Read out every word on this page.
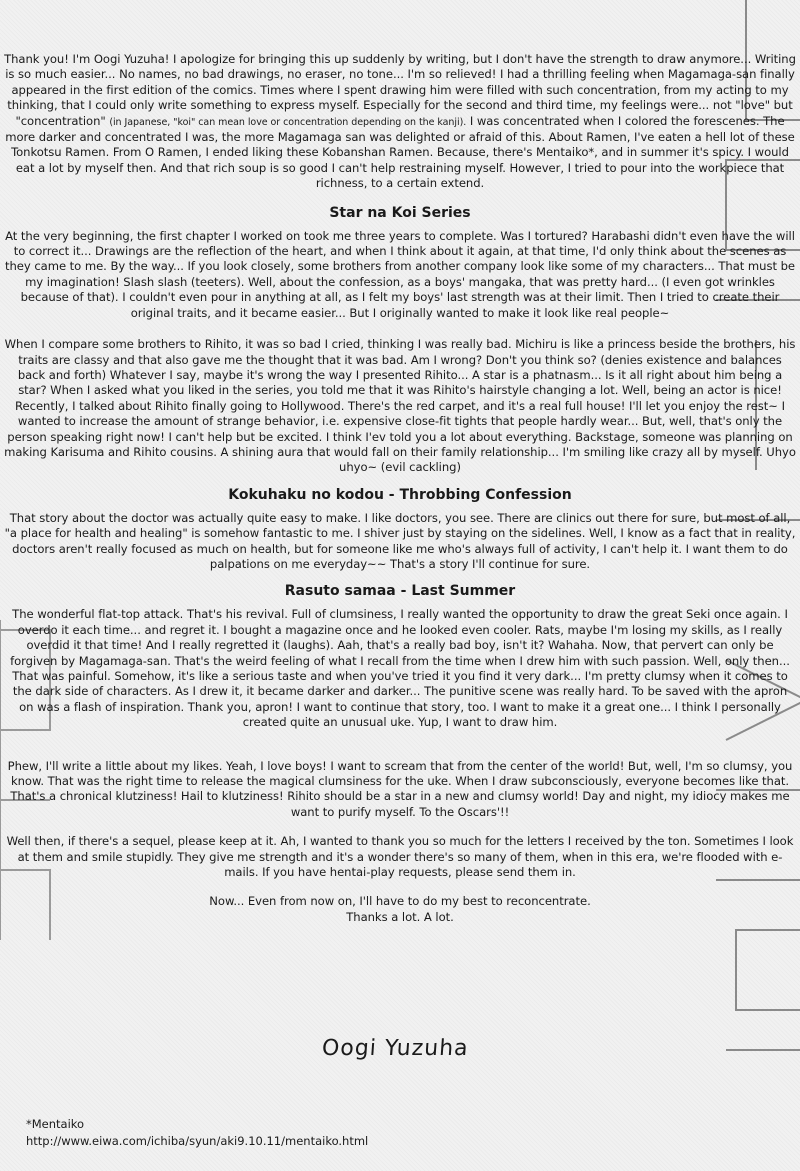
Thank you! I'm Oogi Yuzuha! I apologize for bringing this up suddenly by writing, but I don't have the strength to draw anymore... Writing is so much easier... No names, no bad drawings, no eraser, no tone... I'm so relieved! I had a thrilling feeling when Magamaga-san finally appeared in the first edition of the comics. Times where I spent drawing him were filled with such concentration, from my acting to my thinking, that I could only write something to express myself. Especially for the second and third time, my feelings were... not "love" but "concentration" (in Japanese, "koi" can mean love or concentration depending on the kanji). I was concentrated when I colored the forescenes. The more darker and concentrated I was, the more Magamaga san was delighted or afraid of this. About Ramen, I've eaten a hell lot of these Tonkotsu Ramen. From O Ramen, I ended liking these Kobanshan Ramen. Because, there's Mentaiko*, and in summer it's spicy. I would eat a lot by myself then. And that rich soup is so good I can't help restraining myself. However, I tried to pour into the workpiece that richness, to a certain extend.
Star na Koi Series
At the very beginning, the first chapter I worked on took me three years to complete. Was I tortured? Harabashi didn't even have the will to correct it... Drawings are the reflection of the heart, and when I think about it again, at that time, I'd only think about the scenes as they came to me. By the way... If you look closely, some brothers from another company look like some of my characters... That must be my imagination! Slash slash (teeters). Well, about the confession, as a boys' mangaka, that was pretty hard... (I even got wrinkles because of that). I couldn't even pour in anything at all, as I felt my boys' last strength was at their limit. Then I tried to create their original traits, and it became easier... But I originally wanted to make it look like real people~
When I compare some brothers to Rihito, it was so bad I cried, thinking I was really bad. Michiru is like a princess beside the brothers, his traits are classy and that also gave me the thought that it was bad. Am I wrong? Don't you think so? (denies existence and balances back and forth) Whatever I say, maybe it's wrong the way I presented Rihito... A star is a phatnasm... Is it all right about him being a star? When I asked what you liked in the series, you told me that it was Rihito's hairstyle changing a lot. Well, being an actor is nice! Recently, I talked about Rihito finally going to Hollywood. There's the red carpet, and it's a real full house! I'll let you enjoy the rest~ I wanted to increase the amount of strange behavior, i.e. expensive close-fit tights that people hardly wear... But, well, that's only the person speaking right now! I can't help but be excited. I think I'ev told you a lot about everything. Backstage, someone was planning on making Karisuma and Rihito cousins. A shining aura that would fall on their family relationship... I'm smiling like crazy all by myself. Uhyo uhyo~ (evil cackling)
Kokuhaku no kodou - Throbbing Confession
That story about the doctor was actually quite easy to make. I like doctors, you see. There are clinics out there for sure, but most of all, "a place for health and healing" is somehow fantastic to me. I shiver just by staying on the sidelines. Well, I know as a fact that in reality, doctors aren't really focused as much on health, but for someone like me who's always full of activity, I can't help it. I want them to do palpations on me everyday~~ That's a story I'll continue for sure.
Rasuto samaa - Last Summer
The wonderful flat-top attack. That's his revival. Full of clumsiness, I really wanted the opportunity to draw the great Seki once again. I overdo it each time... and regret it. I bought a magazine once and he looked even cooler. Rats, maybe I'm losing my skills, as I really overdid it that time! And I really regretted it (laughs). Aah, that's a really bad boy, isn't it? Wahaha. Now, that pervert can only be forgiven by Magamaga-san. That's the weird feeling of what I recall from the time when I drew him with such passion. Well, only then... That was painful. Somehow, it's like a serious taste and when you've tried it you find it very dark... I'm pretty clumsy when it comes to the dark side of characters. As I drew it, it became darker and darker... The punitive scene was really hard. To be saved with the apron on was a flash of inspiration. Thank you, apron! I want to continue that story, too. I want to make it a great one... I think I personally created quite an unusual uke. Yup, I want to draw him.
Phew, I'll write a little about my likes. Yeah, I love boys! I want to scream that from the center of the world! But, well, I'm so clumsy, you know. That was the right time to release the magical clumsiness for the uke. When I draw subconsciously, everyone becomes like that. That's a chronical klutziness! Hail to klutziness! Rihito should be a star in a new and clumsy world! Day and night, my idiocy makes me want to purify myself. To the Oscars'!!
Well then, if there's a sequel, please keep at it. Ah, I wanted to thank you so much for the letters I received by the ton. Sometimes I look at them and smile stupidly. They give me strength and it's a wonder there's so many of them, when in this era, we're flooded with e-mails. If you have hentai-play requests, please send them in.
Now... Even from now on, I'll have to do my best to reconcentrate.
Thanks a lot. A lot.
Oogi Yuzuha
*Mentaiko
http://www.eiwa.com/ichiba/syun/aki9.10.11/mentaiko.html
